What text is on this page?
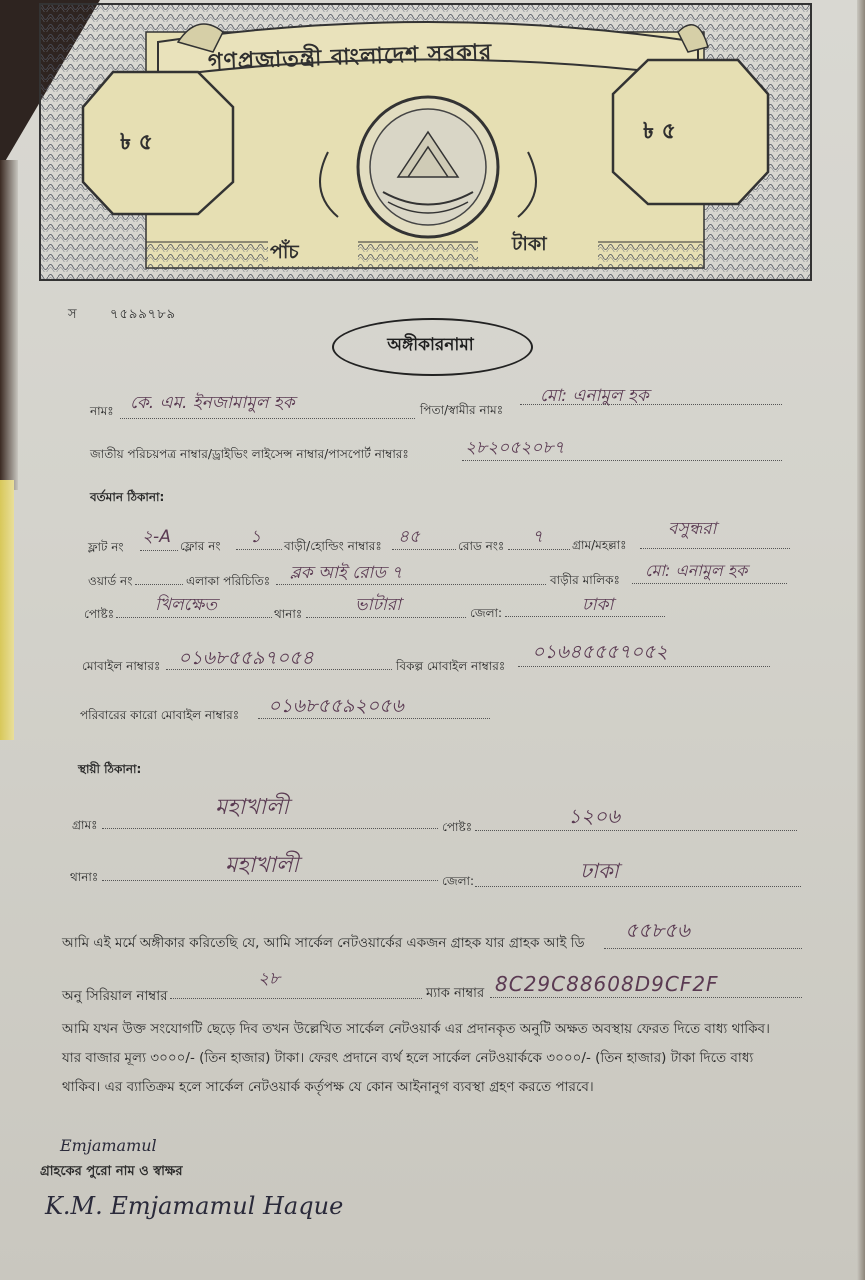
গণপ্রজাতন্ত্রী বাংলাদেশ সরকার
৳ ৫	৳ ৫
পাঁচ	টাকা
স	৭৫৯৯৭৮৯
অঙ্গীকারনামা
নামঃ কে. এম. ইনজামামুল হক	পিতা/স্বামীর নামঃ
মো: এনামুল হক
জাতীয় পরিচয়পত্র নাম্বার/ড্রাইভিং লাইসেন্স নাম্বার/পাসপোর্ট নাম্বারঃ	২৮২০৫২০৮৭
বর্তমান ঠিকানা:
ফ্লাট নং ২-A ফ্লোর নং ১ বাড়ী/হোল্ডিং নাম্বারঃ ৪৫	রোড নংঃ ৭ গ্রাম/মহল্লাঃ
বসুন্ধরা
ওয়ার্ড নং	এলাকা পরিচিতিঃ ব্লক আই রোড ৭	বাড়ীর মালিকঃ মো: এনামুল হক
পোষ্টঃ খিলক্ষেত	থানাঃ	ভাটারা	জেলা:	ঢাকা
মোবাইল নাম্বারঃ ০১৬৮৫৫৯৭০৫৪	বিকল্প মোবাইল নাম্বারঃ
০১৬৪৫৫৫৭০৫২
পরিবারের কারো মোবাইল নাম্বারঃ ০১৬৮৫৫৯২০৫৬
স্থায়ী ঠিকানা:
গ্রামঃ
মহাখালী
পোষ্টঃ	১২০৬
থানাঃ	মহাখালী
জেলা:	ঢাকা
আমি এই মর্মে অঙ্গীকার করিতেছি যে, আমি সার্কেল নেটওয়ার্কের একজন গ্রাহক যার গ্রাহক আই ডি
৫৫৮৫৬
অনু সিরিয়াল নাম্বার
২৮
ম্যাক নাম্বার 8C29C88608D9CF2F
আমি যখন উক্ত সংযোগটি ছেড়ে দিব তখন উল্লেখিত সার্কেল নেটওয়ার্ক এর প্রদানকৃত অনুটি অক্ষত অবস্থায় ফেরত দিতে বাধ্য থাকিব।
যার বাজার মূল্য ৩০০০/- (তিন হাজার) টাকা। ফেরৎ প্রদানে ব্যর্থ হলে সার্কেল নেটওয়ার্ককে ৩০০০/- (তিন হাজার) টাকা দিতে বাধ্য
থাকিব। এর ব্যাতিক্রম হলে সার্কেল নেটওয়ার্ক কর্তৃপক্ষ যে কোন আইনানুগ ব্যবস্থা গ্রহণ করতে পারবে।
Emjamamul
গ্রাহকের পুরো নাম ও স্বাক্ষর
K.M. Emjamamul Haque
